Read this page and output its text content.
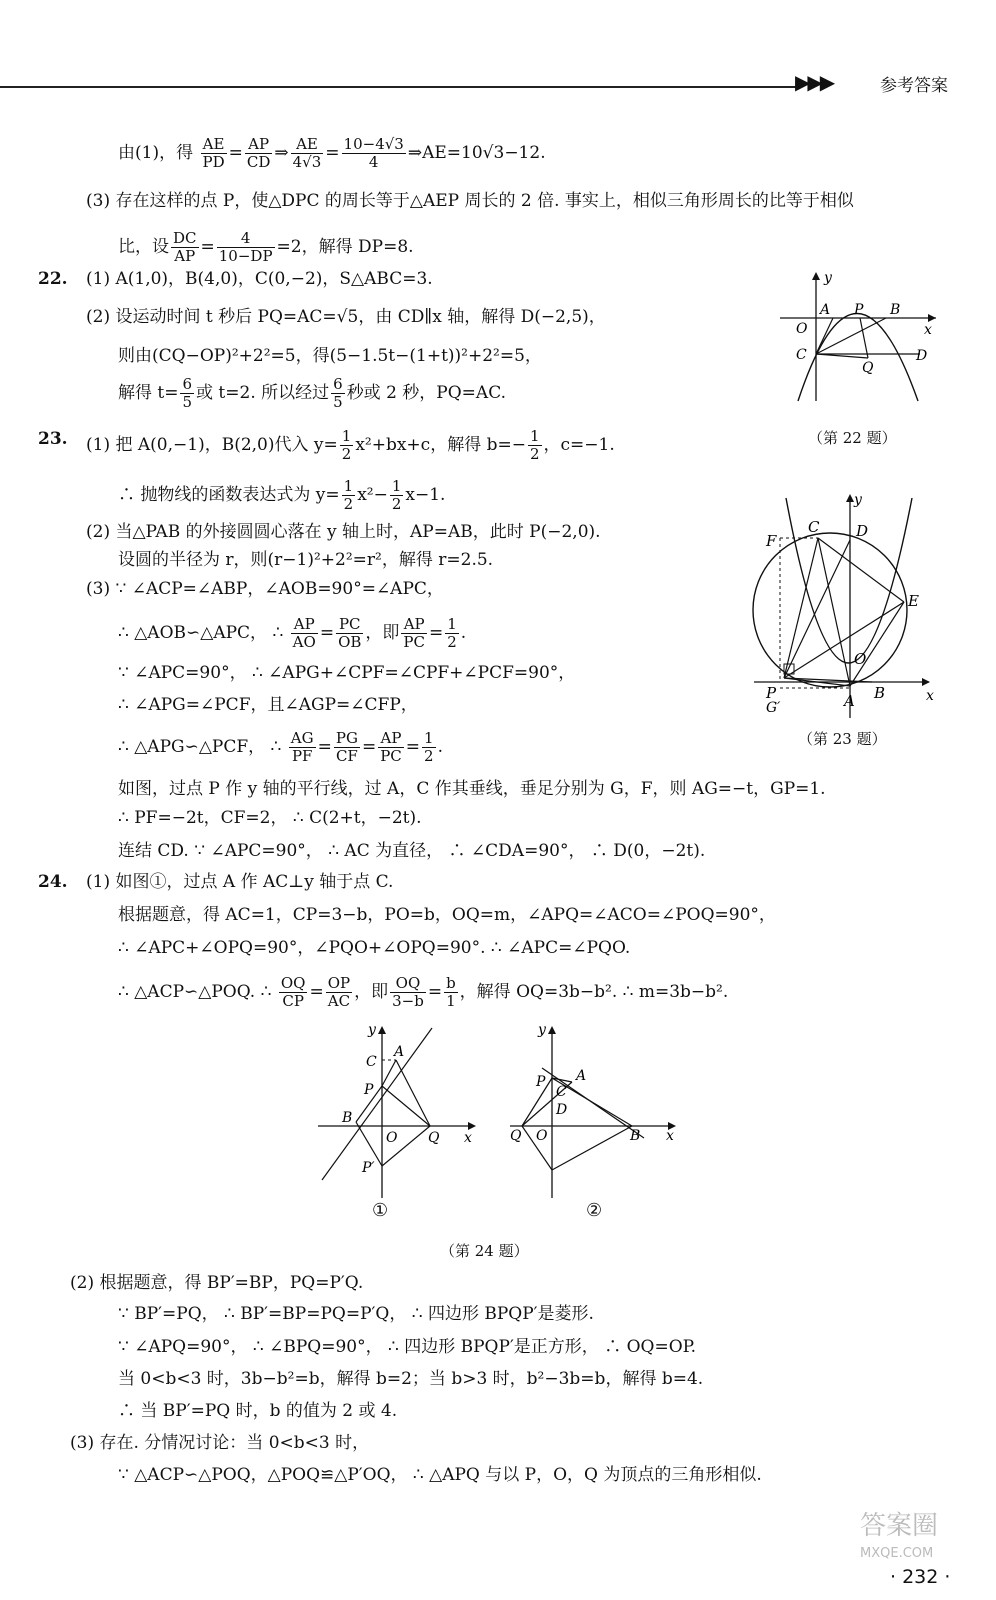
▶▶▶	参考答案
由(1)，得 $\frac{AE}{PD} = \frac{AP}{CD}$ ⇒ $\frac{AE}{4√3} = \frac{10-4√3}{4}$ ⇒AE=10√3−12.
(3) 存在这样的点 P，使△DPC 的周长等于△AEP 周长的 2 倍. 事实上，相似三角形周长的比等于相似
比，设 $\frac{DC}{AP} = \frac{4}{10-DP} =2$，解得 DP=8.
22. (1) A(1,0)，B(4,0)，C(0,−2)，S△ABC=3.
(2) 设运动时间 t 秒后 PQ=AC=√5，由 CD∥x 轴，解得 D(−2,5)，
则由(CQ−OP)²+2²=5，得(5−1.5t−(1+t))²+2²=5，
解得 $t= \frac{6}{5}$ 或 t=2. 所以经过 $\frac{6}{5}$ 秒或 2 秒，PQ=AC.
y
A P B
O	x
C	D
Q
（第 22 题）
23. (1) 把 A(0,−1)，B(2,0)代入 $y= \frac{1}{2} x^2+bx+c$，解得 $b=- \frac{1}{2}$ ，c=−1.
∴ 抛物线的函数表达式为 $y= \frac{1}{2} x^2- \frac{1}{2} x-1$.
(2) 当△PAB 的外接圆圆心落在 y 轴上时，AP=AB，此时 P(−2,0).
设圆的半径为 r，则(r−1)²+2²=r²，解得 r=2.5.
(3) ∵ ∠ACP=∠ABP，∠AOB=90°=∠APC，
∴ △AOB∽△APC， ∴ $\frac{AP}{AO} = \frac{PC}{OB}$ ，即 $\frac{AP}{PC} = \frac{1}{2}$ .
∵ ∠APC=90°， ∴ ∠APG+∠CPF=∠CPF+∠PCF=90°，
∴ ∠APG=∠PCF，且∠AGP=∠CFP，
∴ △APG∽△PCF， ∴ $\frac{AG}{PF} = \frac{PG}{CF} = \frac{AP}{PC} = \frac{1}{2}$ .
如图，过点 P 作 y 轴的平行线，过 A，C 作其垂线，垂足分别为 G，F，则 AG=−t，GP=1.
∴ PF=−2t，CF=2， ∴ C(2+t，−2t).
连结 CD. ∵ ∠APC=90°， ∴ AC 为直径， ∴ ∠CDA=90°， ∴ D(0，−2t).
y
C D
F
E
O
P
G′	A B	x
（第 23 题）
24. (1) 如图①，过点 A 作 AC⊥y 轴于点 C.
根据题意，得 AC=1，CP=3−b，PO=b，OQ=m，∠APQ=∠ACO=∠POQ=90°，
∴ ∠APC+∠OPQ=90°，∠PQO+∠OPQ=90°. ∴ ∠APC=∠PQO.
∴ △ACP∽△POQ. ∴ $\frac{OQ}{CP} = \frac{OP}{AC}$ ，即 $\frac{OQ}{3-b} = \frac{b}{1}$ ，解得 OQ=3b−b². ∴ m=3b−b².
y
C
A
P
B
O Q x
P′
①
y
P A
C
D
Q O	B x
②
（第 24 题）
(2) 根据题意，得 BP′=BP，PQ=P′Q.
∵ BP′=PQ， ∴ BP′=BP=PQ=P′Q， ∴ 四边形 BPQP′是菱形.
∵ ∠APQ=90°， ∴ ∠BPQ=90°， ∴ 四边形 BPQP′是正方形， ∴ OQ=OP.
当 0<b<3 时，3b−b²=b，解得 b=2；当 b>3 时，b²−3b=b，解得 b=4.
∴ 当 BP′=PQ 时，b 的值为 2 或 4.
(3) 存在. 分情况讨论：当 0<b<3 时，
∵ △ACP∽△POQ，△POQ≌△P′OQ， ∴ △APQ 与以 P，O，Q 为顶点的三角形相似.
答案圈
MXQE.COM
· 232 ·
